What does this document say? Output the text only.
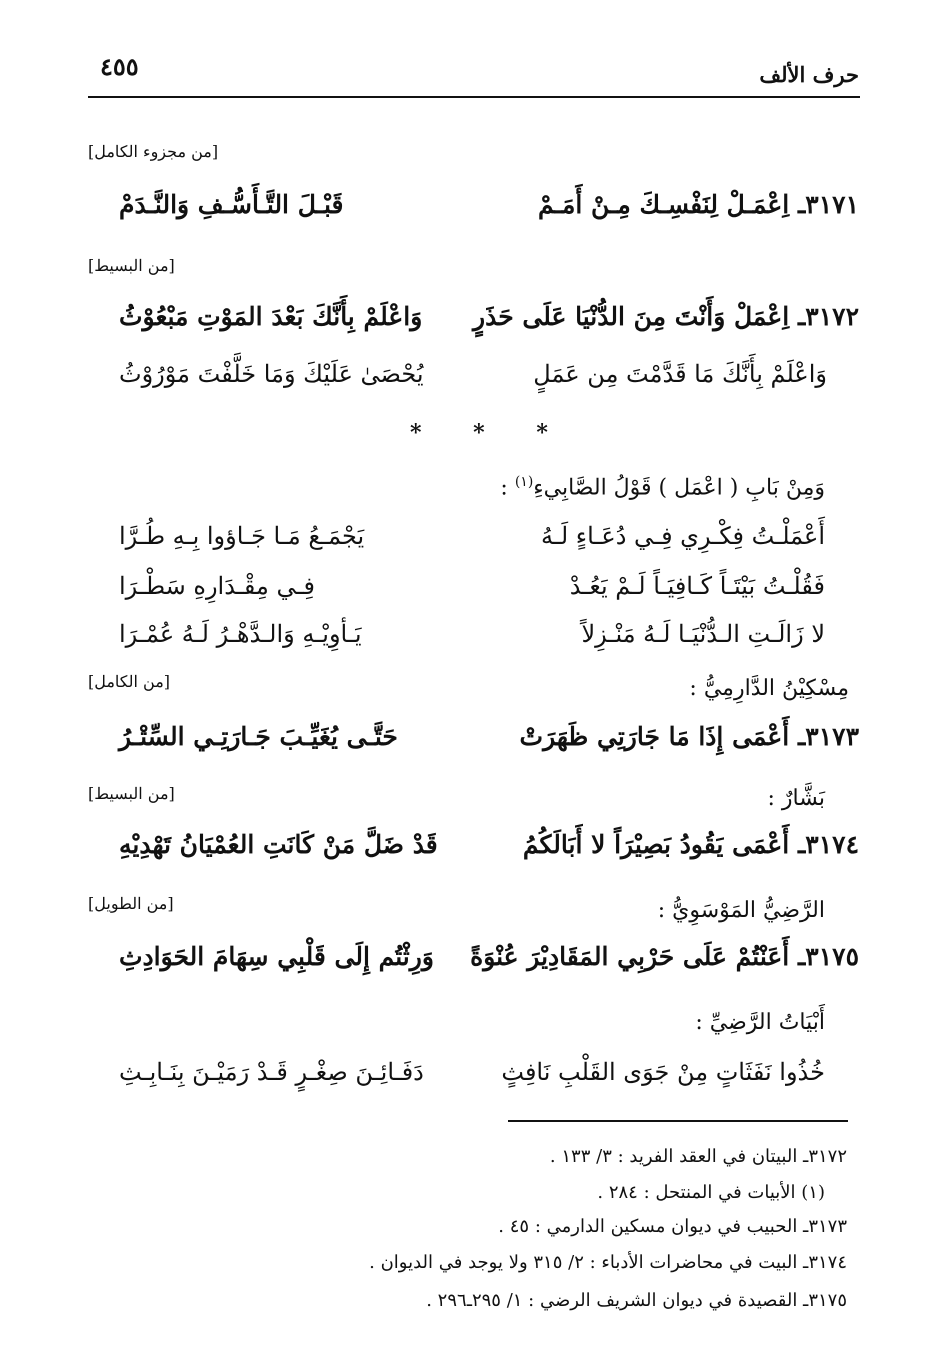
حرف الألف
٤٥٥
[من مجزوء الكامل]
٣١٧١ـ اِعْمَـلْ لِنَفْسِـكَ مِـنْ أَمَـمْ
قَبْـلَ التَّـأَسُّـفِ وَالنَّـدَمْ
[من البسيط]
٣١٧٢ـ اِعْمَلْ وَأَنْتَ مِنَ الدُّنْيَا عَلَى حَذَرٍ
وَاعْلَمْ بِأَنَّكَ بَعْدَ المَوْتِ مَبْعُوْثُ
وَاعْلَمْ بِأَنَّكَ مَا قَدَّمْتَ مِن عَمَلٍ
يُحْصَىٰ عَلَيْكَ وَمَا خَلَّفْتَ مَوْرُوْثُ
* * *
وَمِنْ بَابِ ( اعْمَل ) قَوْلُ الصَّابِيءِ$^{(١)}$ :
أَعْمَلْـتُ فِكْـرِي فِـي دُعَـاءٍ لَـهُ
يَجْمَـعُ مَـا جَـاؤوا بِـهِ طُـرَّا
فَقُلْـتُ بَيْتَـاً كَـافِيَـاً لَـمْ يَعُـدْ
فِـي مِقْـدَارِهِ سَطْـرَا
لا زَالَـتِ الـدُّنْيَـا لَـهُ مَنْـزِلاً
يَـأوِيْـهِ وَالـدَّهْـرُ لَـهُ عُمْـرَا
مِسْكِيْنُ الدَّارِمِيُّ :
[من الكامل]
٣١٧٣ـ أَعْمَى إِذَا مَا جَارَتِي ظَهَرَتْ
حَتَّـى يُغَيِّـبَ جَـارَتِـي السِّتْـرُ
بَشَّارٌ :
[من البسيط]
٣١٧٤ـ أَعْمَى يَقُودُ بَصِيْرَاً لا أَبَالَكُمُ
قَدْ ضَلَّ مَنْ كَانَتِ العُمْيَانُ تَهْدِيْهِ
الرَّضِيُّ المَوْسَوِيُّ :
[من الطويل]
٣١٧٥ـ أَعَنْتُمْ عَلَى حَرْبِي المَقَادِيْرَ عُنْوَةً
وَرِثْتُم إِلَى قَلْبِي سِهَامَ الحَوَادِثِ
أَبْيَاتُ الرَّضِيِّ :
خُذُوا نَفَثَاتٍ مِنْ جَوَى القَلْبِ نَافِثٍ
دَفَـائِـنَ صِغْـرٍ قَـدْ رَمَيْـنَ بِنَـابِـثِ
٣١٧٢ـ البيتان في العقد الفريد : ٣/ ١٣٣ .
(١) الأبيات في المنتحل : ٢٨٤ .
٣١٧٣ـ الحبيب في ديوان مسكين الدارمي : ٤٥ .
٣١٧٤ـ البيت في محاضرات الأدباء : ٢/ ٣١٥ ولا يوجد في الديوان .
٣١٧٥ـ القصيدة في ديوان الشريف الرضي : ١/ ٢٩٥ـ٢٩٦ .
